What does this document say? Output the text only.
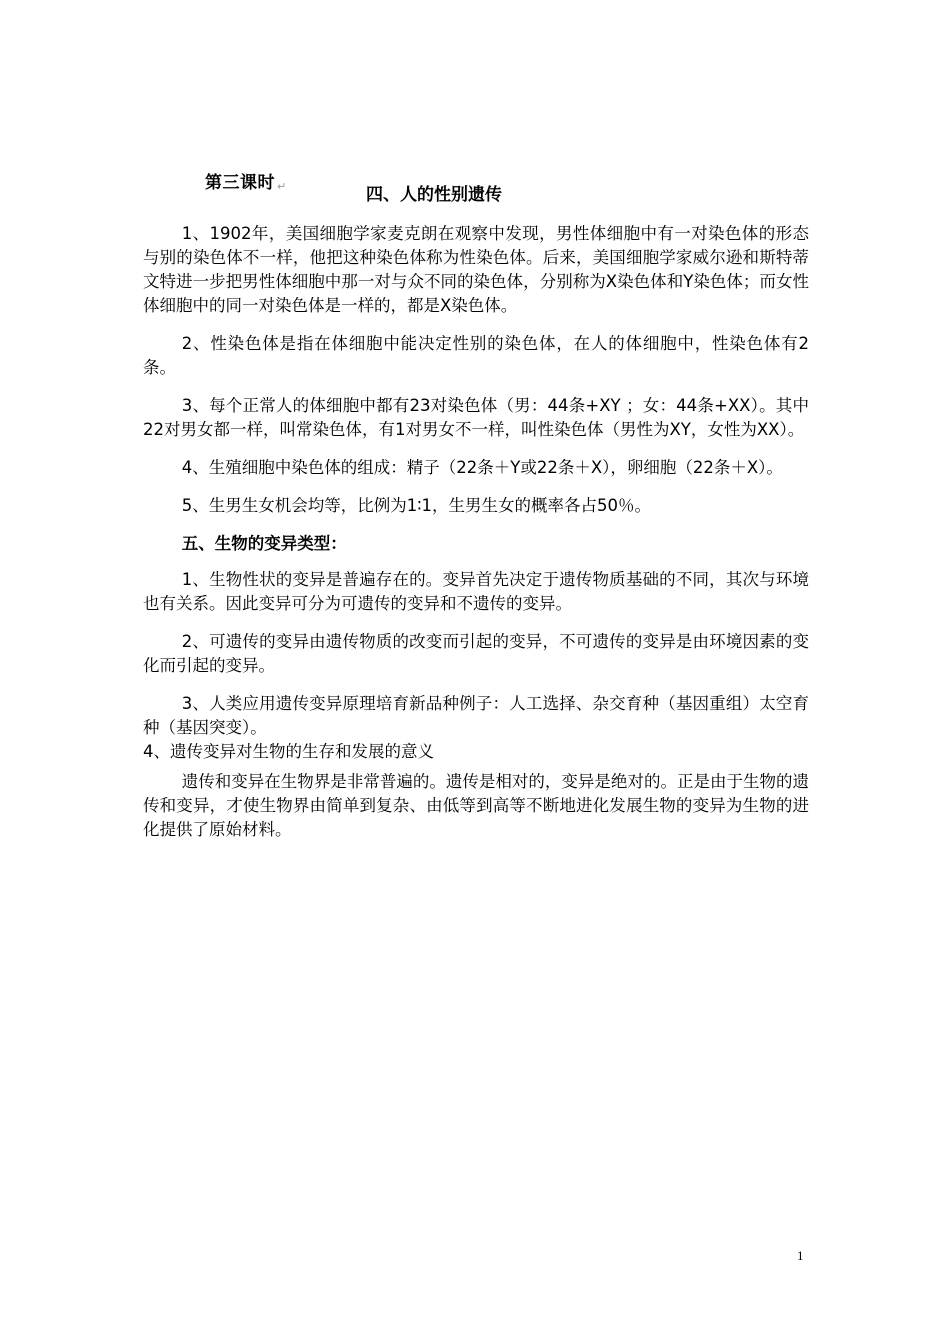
第三课时 ↵	四、人的性别遗传

1、1902年，美国细胞学家麦克朗在观察中发现，男性体细胞中有一对染色体的形态与别的染色体不一样，他把这种染色体称为性染色体。后来，美国细胞学家威尔逊和斯特蒂文特进一步把男性体细胞中那一对与众不同的染色体，分别称为X染色体和Y染色体；而女性体细胞中的同一对染色体是一样的，都是X染色体。

2、性染色体是指在体细胞中能决定性别的染色体，在人的体细胞中，性染色体有2条。

3、每个正常人的体细胞中都有23对染色体（男：44条+XY ；女：44条+XX）。其中22对男女都一样，叫常染色体，有1对男女不一样，叫性染色体（男性为XY，女性为XX）。

4、生殖细胞中染色体的组成：精子（22条＋Y或22条＋X），卵细胞（22条＋X）。

5、生男生女机会均等，比例为1∶1，生男生女的概率各占50％。

五、生物的变异类型：

1、生物性状的变异是普遍存在的。变异首先决定于遗传物质基础的不同，其次与环境也有关系。因此变异可分为可遗传的变异和不遗传的变异。

2、可遗传的变异由遗传物质的改变而引起的变异，不可遗传的变异是由环境因素的变化而引起的变异。

3、人类应用遗传变异原理培育新品种例子：人工选择、杂交育种（基因重组）太空育种（基因突变）。

4、遗传变异对生物的生存和发展的意义

遗传和变异在生物界是非常普遍的。遗传是相对的，变异是绝对的。正是由于生物的遗传和变异，才使生物界由简单到复杂、由低等到高等不断地进化发展生物的变异为生物的进化提供了原始材料。

1
